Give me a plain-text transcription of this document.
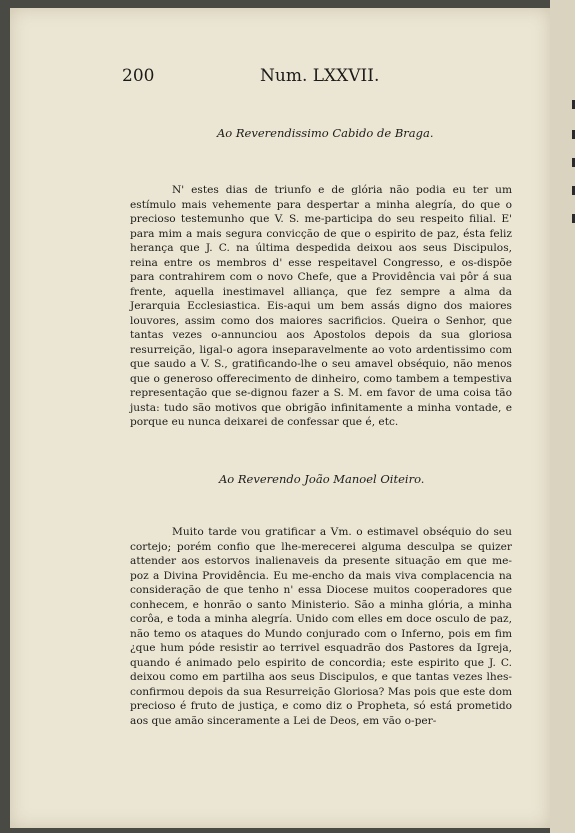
200	Num. LXXVII.
Ao Reverendissimo Cabido de Braga.
N' estes dias de triunfo e de glória não podia eu ter um estímulo mais vehemente para despertar a minha alegría, do que o precioso testemunho que V. S. me-participa do seu respeito filial. E' para mim a mais segura convicção de que o espirito de paz, ésta feliz herança que J. C. na última despedida deixou aos seus Discipulos, reina entre os membros d' esse respeitavel Congresso, e os-dispõe para contrahirem com o novo Chefe, que a Providência vai pôr á sua frente, aquella inestimavel alliança, que fez sempre a alma da Jerarquia Ecclesiastica. Eis-aqui um bem assás digno dos maiores louvores, assim como dos maiores sacrificios. Queira o Senhor, que tantas vezes o-annunciou aos Apostolos depois da sua gloriosa resurreição, ligal-o agora inseparavelmente ao voto ardentissimo com que saudo a V. S., gratificando-lhe o seu amavel obséquio, não menos que o generoso offerecimento de dinheiro, como tambem a tempestiva representação que se-dignou fazer a S. M. em favor de uma coisa tão justa: tudo são motivos que obrigão infinitamente a minha vontade, e porque eu nunca deixarei de confessar que é, etc.
Ao Reverendo João Manoel Oiteiro.
Muito tarde vou gratificar a Vm. o estimavel obséquio do seu cortejo; porém confio que lhe-merecerei alguma desculpa se quizer attender aos estorvos inalienaveis da presente situação em que me-poz a Divina Providência. Eu me-encho da mais viva complacencia na consideração de que tenho n' essa Diocese muitos cooperadores que conhecem, e honrão o santo Ministerio. São a minha glória, a minha corôa, e toda a minha alegría. Unido com elles em doce osculo de paz, não temo os ataques do Mundo conjurado com o Inferno, pois em fim ¿que hum póde resistir ao terrivel esquadrão dos Pastores da Igreja, quando é animado pelo espirito de concordia; este espirito que J. C. deixou como em partilha aos seus Discipulos, e que tantas vezes lhes-confirmou depois da sua Resurreição Gloriosa? Mas pois que este dom precioso é fruto de justiça, e como diz o Propheta, só está prometido aos que amão sinceramente a Lei de Deos, em vão o-per-
